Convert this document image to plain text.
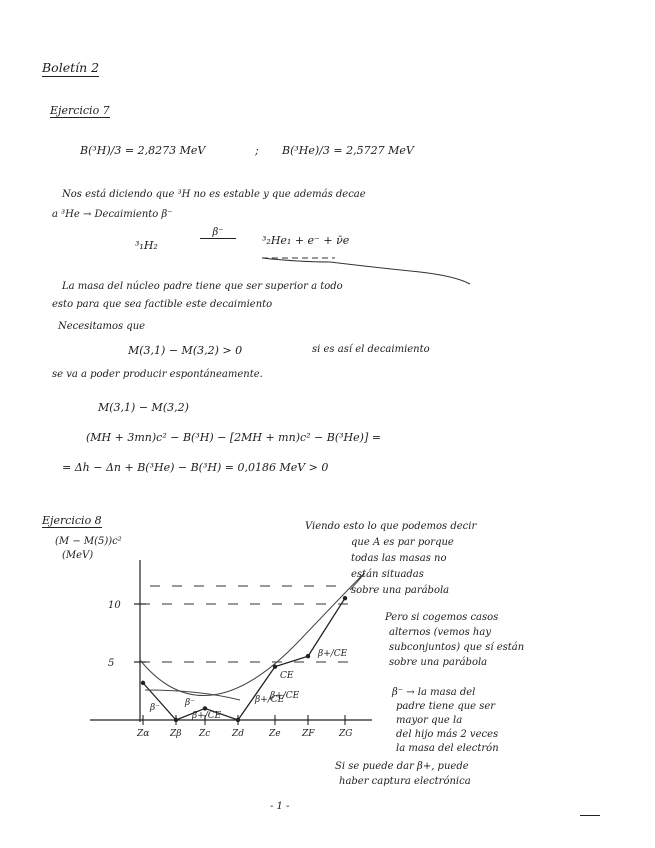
Boletín 2
Ejercicio 7
B(³H)/3 = 2,8273 MeV	; B(³He)/3 = 2,5727 MeV
Nos está diciendo que ³H no es estable y que además decae
a ³He → Decaimiento β⁻
³₁H₂
β⁻
³₂He₁ + e⁻ + ν̄e
La masa del núcleo padre tiene que ser superior a todo
esto para que sea factible este decaimiento
Necesitamos que
M(3,1) − M(3,2) > 0	si es así el decaimiento
se va a poder producir espontáneamente.
M(3,1) − M(3,2)
(MH + 3mn)c² − B(³H) − [2MH + mn)c² − B(³He)] =
= Δh − Δn + B(³He) − B(³H) = 0,0186 MeV > 0
Ejercicio 8
(M − M(5))c²
(MeV)
10
5
Zα Zβ Zc Zd	Ze ZF	ZG
β⁻	β⁻
β+/CE
β+/CE
CE
β+/CE
β+/CE
Viendo esto lo que podemos decir
que A es par porque
todas las masas no
están situadas
sobre una parábola
Pero si cogemos casos
alternos (vemos hay
subconjuntos) que sí están
sobre una parábola
β⁻ → la masa del
padre tiene que ser
mayor que la
del hijo más 2 veces
la masa del electrón
Si se puede dar β+, puede
haber captura electrónica
- 1 -
